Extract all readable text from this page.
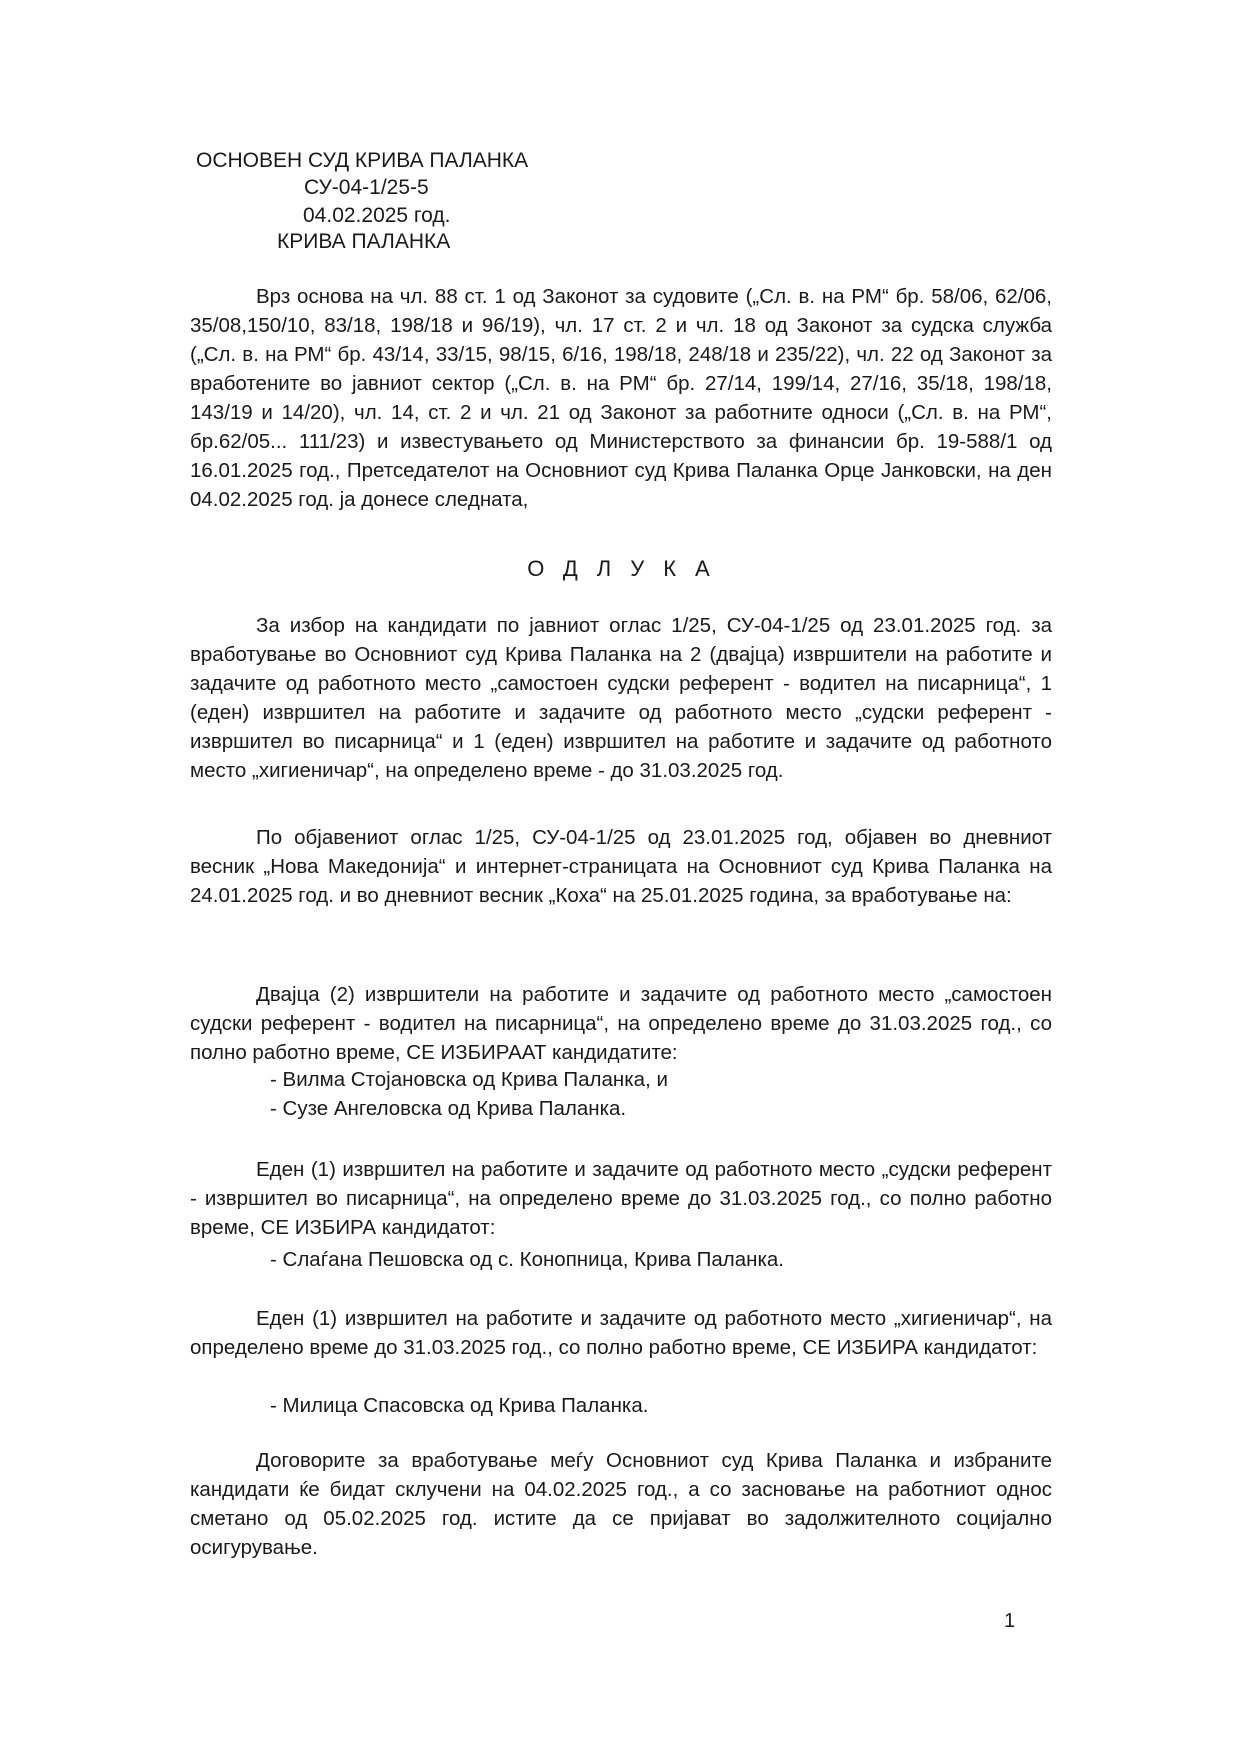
ОСНОВЕН СУД КРИВА ПАЛАНКА
СУ-04-1/25-5
04.02.2025 год.
КРИВА ПАЛАНКА
Врз основа на чл. 88 ст. 1 од Законот за судовите („Сл. в. на РМ“ бр. 58/06, 62/06, 35/08,150/10, 83/18, 198/18 и 96/19), чл. 17 ст. 2 и чл. 18 од Законот за судска служба („Сл. в. на РМ“ бр. 43/14, 33/15, 98/15, 6/16, 198/18, 248/18 и 235/22), чл. 22 од Законот за вработените во јавниот сектор („Сл. в. на РМ“ бр. 27/14, 199/14, 27/16, 35/18, 198/18, 143/19 и 14/20), чл. 14, ст. 2 и чл. 21 од Законот за работните односи („Сл. в. на РМ“, бр.62/05... 111/23) и известувањето од Министерството за финансии бр. 19-588/1 од 16.01.2025 год., Претседателот на Основниот суд Крива Паланка Орце Јанковски, на ден 04.02.2025 год. ја донесе следната,
ОДЛУКА
За избор на кандидати по јавниот оглас 1/25, СУ-04-1/25 од 23.01.2025 год. за вработување во Основниот суд Крива Паланка на 2 (двајца) извршители на работите и задачите од работното место „самостоен судски референт - водител на писарница“, 1 (еден) извршител на работите и задачите од работното место „судски референт - извршител во писарница“ и 1 (еден) извршител на работите и задачите од работното место „хигиеничар“, на определено време - до 31.03.2025 год.
По објавениот оглас 1/25, СУ-04-1/25 од 23.01.2025 год, објавен во дневниот весник „Нова Македонија“ и интернет-страницата на Основниот суд Крива Паланка на 24.01.2025 год. и во дневниот весник „Коха“ на 25.01.2025 година, за вработување на:
Двајца (2) извршители на работите и задачите од работното место „самостоен судски референт - водител на писарница“, на определено време до 31.03.2025 год., со полно работно време, СЕ ИЗБИРААТ кандидатите:
- Вилма Стојановска од Крива Паланка, и
- Сузе Ангеловска од Крива Паланка.
Еден (1) извршител на работите и задачите од работното место „судски референт - извршител во писарница“, на определено време до 31.03.2025 год., со полно работно време, СЕ ИЗБИРА кандидатот:
- Слаѓана Пешовска од с. Конопница, Крива Паланка.
Еден (1) извршител на работите и задачите од работното место „хигиеничар“, на определено време до 31.03.2025 год., со полно работно време, СЕ ИЗБИРА кандидатот:
- Милица Спасовска од Крива Паланка.
Договорите за вработување меѓу Основниот суд Крива Паланка и избраните кандидати ќе бидат склучени на 04.02.2025 год., а со засновање на работниот однос сметано од 05.02.2025 год. истите да се пријават во задолжителното социјално осигурување.
1
